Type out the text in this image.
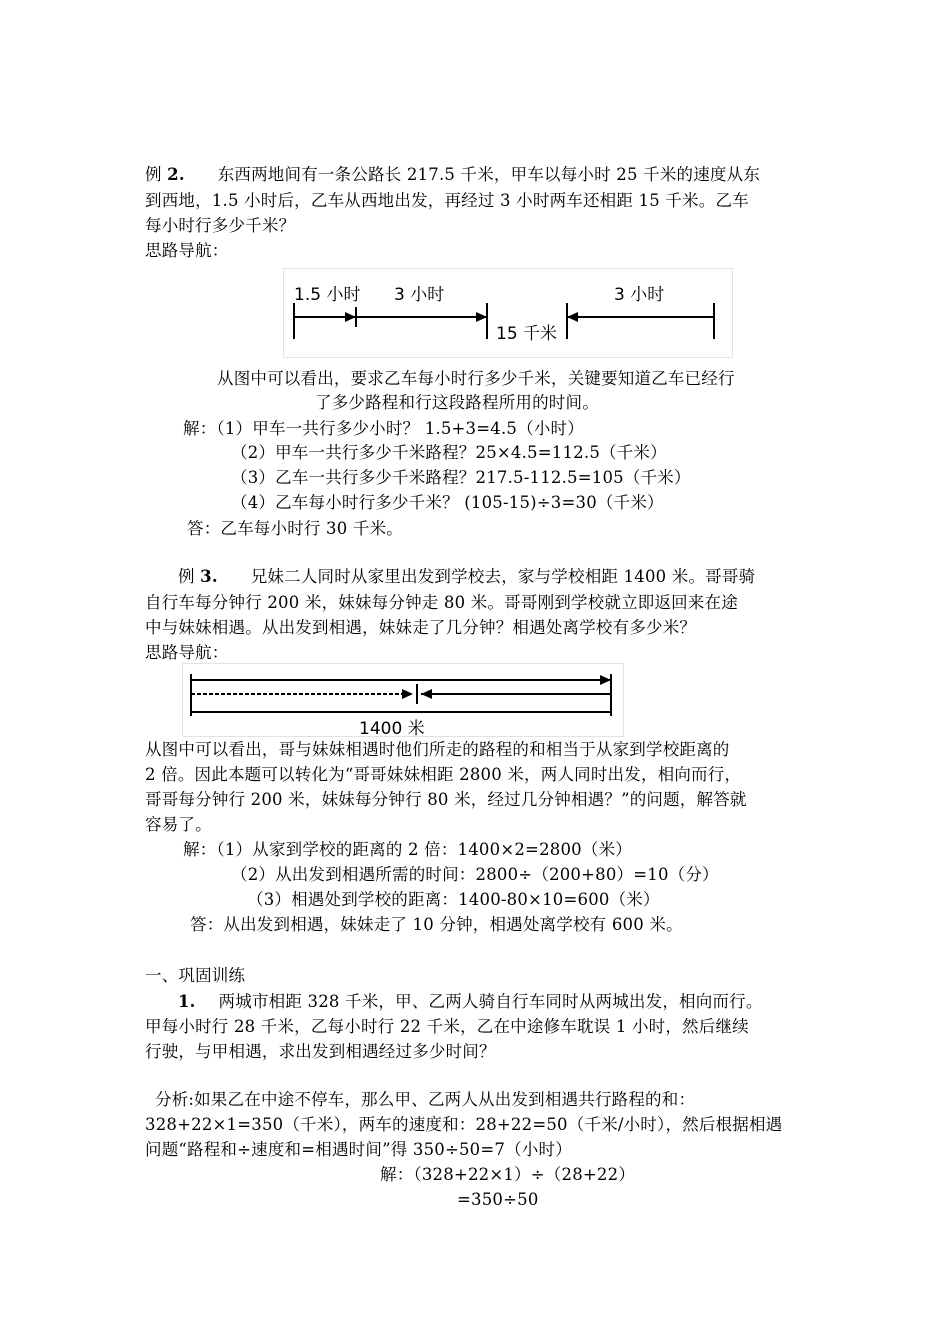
例 2. 东西两地间有一条公路长 217.5 千米，甲车以每小时 25 千米的速度从东
到西地，1.5 小时后，乙车从西地出发，再经过 3 小时两车还相距 15 千米。乙车
每小时行多少千米？
思路导航：
1.5 小时 3 小时	3 小时
15 千米
从图中可以看出，要求乙车每小时行多少千米，关键要知道乙车已经行
了多少路程和行这段路程所用的时间。
解：（1）甲车一共行多少小时？ 1.5+3=4.5（小时）
（2）甲车一共行多少千米路程？25×4.5=112.5（千米）
（3）乙车一共行多少千米路程？217.5-112.5=105（千米）
（4）乙车每小时行多少千米？ (105-15)÷3=30（千米）
答：乙车每小时行 30 千米。
例 3. 兄妹二人同时从家里出发到学校去，家与学校相距 1400 米。哥哥骑
自行车每分钟行 200 米，妹妹每分钟走 80 米。哥哥刚到学校就立即返回来在途
中与妹妹相遇。从出发到相遇，妹妹走了几分钟？相遇处离学校有多少米？
思路导航：
1400 米
从图中可以看出，哥与妹妹相遇时他们所走的路程的和相当于从家到学校距离的
2 倍。因此本题可以转化为“哥哥妹妹相距 2800 米，两人同时出发，相向而行，
哥哥每分钟行 200 米，妹妹每分钟行 80 米，经过几分钟相遇？”的问题，解答就
容易了。
解：（1）从家到学校的距离的 2 倍：1400×2=2800（米）
（2）从出发到相遇所需的时间：2800÷（200+80）=10（分）
（3）相遇处到学校的距离：1400-80×10=600（米）
答：从出发到相遇，妹妹走了 10 分钟，相遇处离学校有 600 米。
一、巩固训练
1. 两城市相距 328 千米，甲、乙两人骑自行车同时从两城出发，相向而行。
甲每小时行 28 千米，乙每小时行 22 千米，乙在中途修车耽误 1 小时，然后继续
行驶，与甲相遇，求出发到相遇经过多少时间？
分析:如果乙在中途不停车，那么甲、乙两人从出发到相遇共行路程的和：
328+22×1=350（千米），两车的速度和：28+22=50（千米/小时），然后根据相遇
问题“路程和÷速度和=相遇时间”得 350÷50=7（小时）
解：（328+22×1）÷（28+22）
=350÷50
